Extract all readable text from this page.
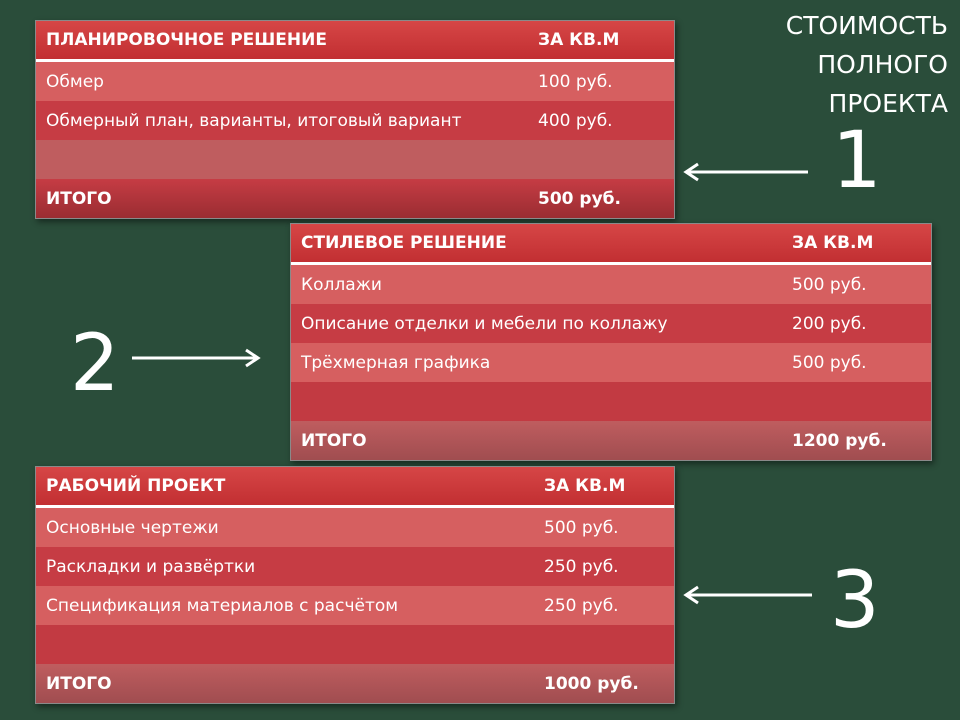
СТОИМОСТЬ
ПОЛНОГО
ПРОЕКТА
ПЛАНИРОВОЧНОЕ РЕШЕНИЕ	ЗА КВ.М
Обмер	100 руб.
Обмерный план, варианты, итоговый вариант	400 руб.
ИТОГО	500 руб.	1
СТИЛЕВОЕ РЕШЕНИЕ	ЗА КВ.М
Коллажи	500 руб.
Описание отделки и мебели по коллажу	200 руб.
Трёхмерная графика	500 руб.
ИТОГО	1200 руб.
2
РАБОЧИЙ ПРОЕКТ	ЗА КВ.М
Основные чертежи	500 руб.
Раскладки и развёртки	250 руб.
Спецификация материалов с расчётом	250 руб.
ИТОГО	1000 руб.
3
